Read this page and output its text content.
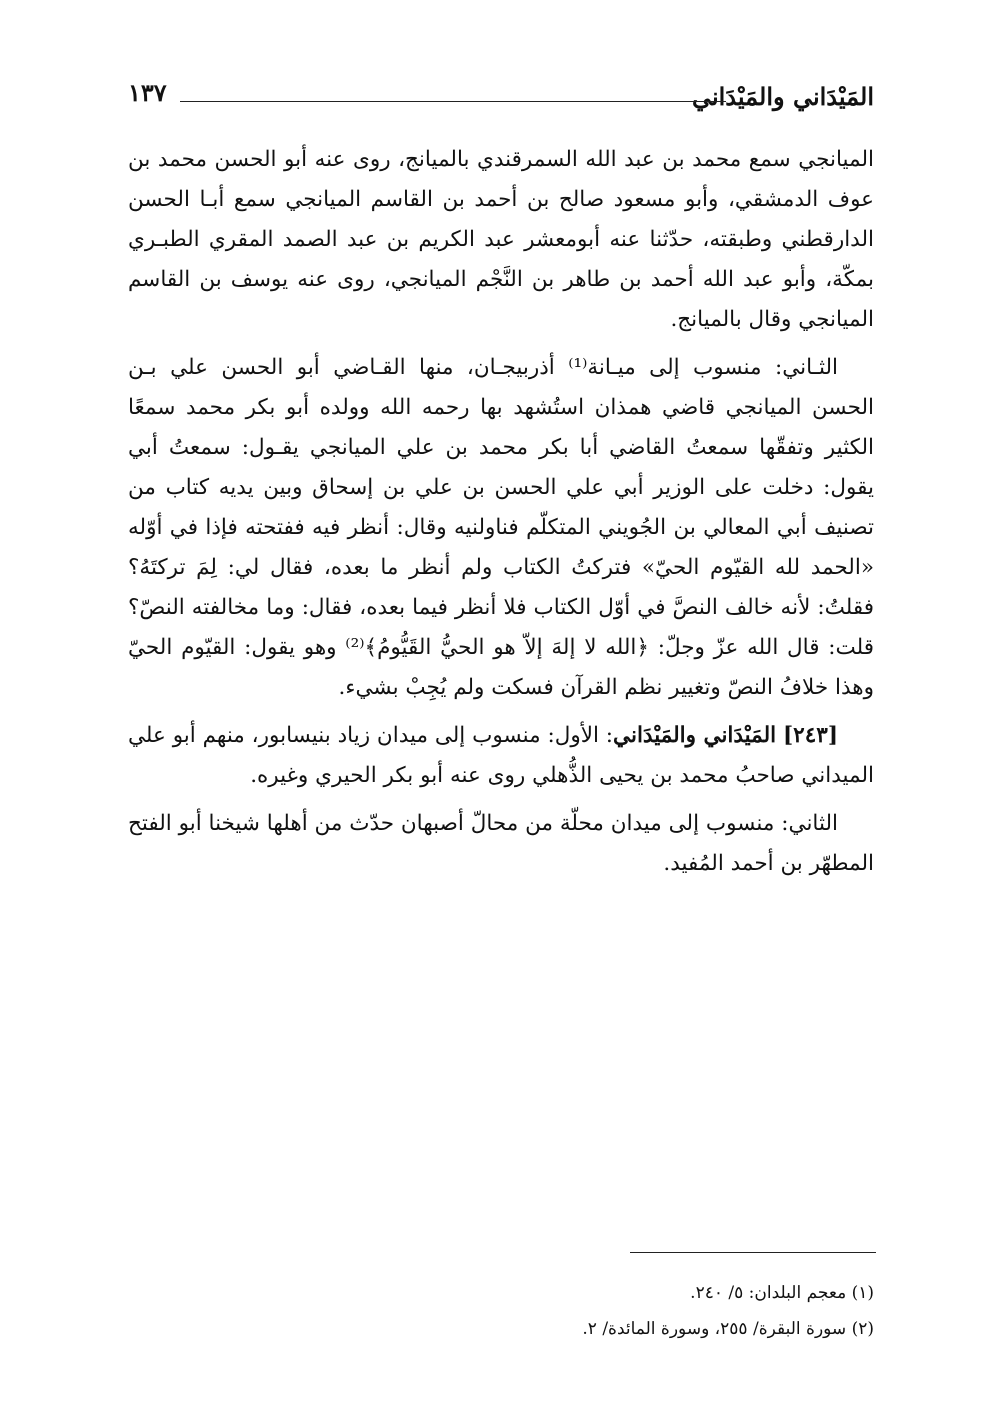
المَيْدَاني والمَيْدَاني
١٣٧

الميانجي سمع محمد بن عبد الله السمرقندي بالميانج، روى عنه أبو الحسن محمد بن عوف الدمشقي، وأبو مسعود صالح بن أحمد بن القاسم الميانجي سمع أبـا الحسن الدارقطني وطبقته، حدّثنا عنه أبومعشر عبد الكريم بن عبد الصمد المقري الطبـري بمكّة، وأبو عبد الله أحمد بن طاهر بن النَّجْم الميانجي، روى عنه يوسف بن القاسم الميانجي وقال بالميانج.

الثـاني: منسوب إلى ميـانة⁽¹⁾ أذربيجـان، منها القـاضي أبو الحسن علي بـن الحسن الميانجي قاضي همذان استُشهد بها رحمه الله وولده أبو بكر محمد سمعًا الكثير وتفقّها سمعتُ القاضي أبا بكر محمد بن علي الميانجي يقـول: سمعتُ أبي يقول: دخلت على الوزير أبي علي الحسن بن علي بن إسحاق وبين يديه كتاب من تصنيف أبي المعالي بن الجُويني المتكلّم فناولنيه وقال: أنظر فيه ففتحته فإذا في أوّله «الحمد لله القيّوم الحيّ» فتركتُ الكتاب ولم أنظر ما بعده، فقال لي: لِمَ تركتَهُ؟ فقلتُ: لأنه خالف النصَّ في أوّل الكتاب فلا أنظر فيما بعده، فقال: وما مخالفته النصّ؟ قلت: قال الله عزّ وجلّ: ﴿الله لا إلهَ إلاّ هو الحيُّ القَيُّومُ﴾⁽²⁾ وهو يقول: القيّوم الحيّ وهذا خلافُ النصّ وتغيير نظم القرآن فسكت ولم يُجِبْ بشيء.

[٢٤٣] المَيْدَاني والمَيْدَاني: الأول: منسوب إلى ميدان زياد بنيسابور، منهم أبو علي الميداني صاحبُ محمد بن يحيى الذُّهلي روى عنه أبو بكر الحيري وغيره.

الثاني: منسوب إلى ميدان محلّة من محالّ أصبهان حدّث من أهلها شيخنا أبو الفتح المطهّر بن أحمد المُفيد.

(١) معجم البلدان: ٥/ ٢٤٠.

(٢) سورة البقرة/ ٢٥٥، وسورة المائدة/ ٢.
